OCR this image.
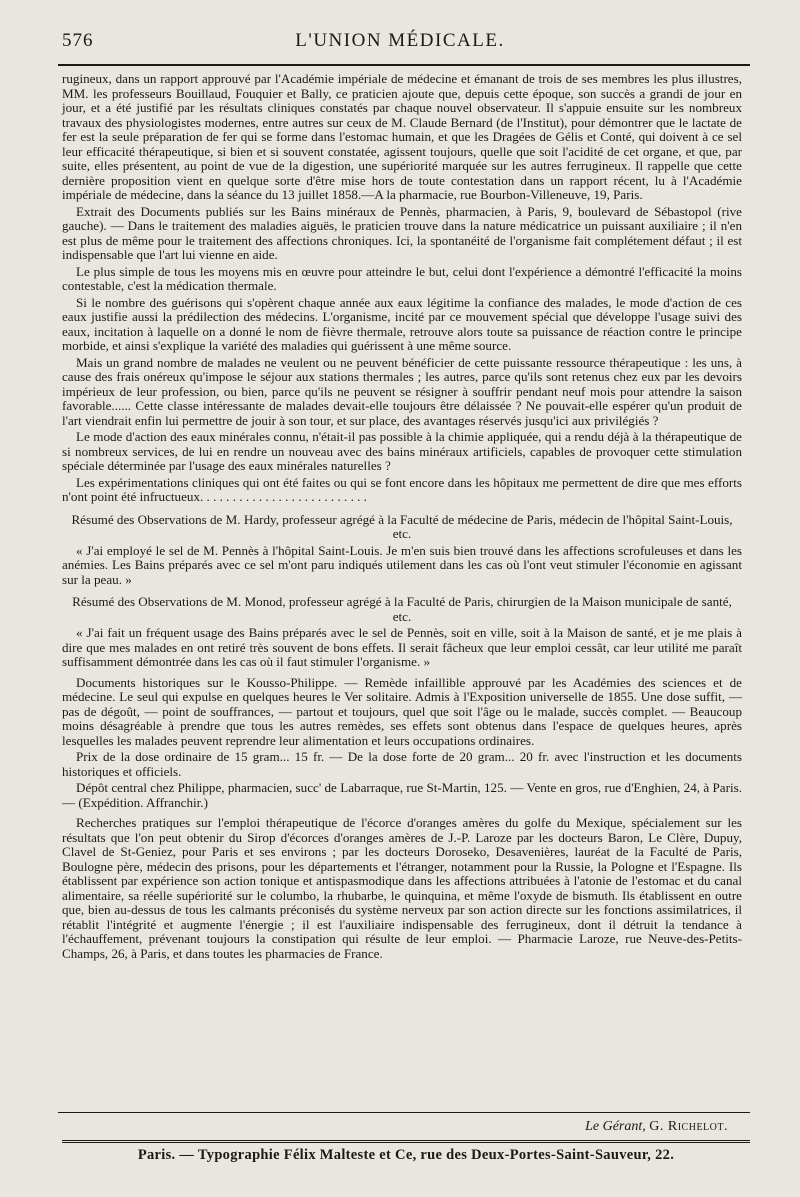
576	L'UNION MÉDICALE.

rugineux, dans un rapport approuvé par l'Académie impériale de médecine et émanant de trois de ses membres les plus illustres, MM. les professeurs Bouillaud, Fouquier et Bally, ce praticien ajoute que, depuis cette époque, son succès a grandi de jour en jour, et a été justifié par les résultats cliniques constatés par chaque nouvel observateur. Il s'appuie ensuite sur les nombreux travaux des physiologistes modernes, entre autres sur ceux de M. Claude Bernard (de l'Institut), pour démontrer que le lactate de fer est la seule préparation de fer qui se forme dans l'estomac humain, et que les Dragées de Gélis et Conté, qui doivent à ce sel leur efficacité thérapeutique, si bien et si souvent constatée, agissent toujours, quelle que soit l'acidité de cet organe, et que, par suite, elles présentent, au point de vue de la digestion, une supériorité marquée sur les autres ferrugineux. Il rappelle que cette dernière proposition vient en quelque sorte d'être mise hors de toute contestation dans un rapport récent, lu à l'Académie impériale de médecine, dans la séance du 13 juillet 1858.—A la pharmacie, rue Bourbon-Villeneuve, 19, Paris.

Extrait des Documents publiés sur les Bains minéraux de Pennès, pharmacien, à Paris, 9, boulevard de Sébastopol (rive gauche). — Dans le traitement des maladies aiguës, le praticien trouve dans la nature médicatrice un puissant auxiliaire ; il n'en est plus de même pour le traitement des affections chroniques. Ici, la spontanéité de l'organisme fait complétement défaut ; il est indispensable que l'art lui vienne en aide.

Le plus simple de tous les moyens mis en œuvre pour atteindre le but, celui dont l'expérience a démontré l'efficacité la moins contestable, c'est la médication thermale.

Si le nombre des guérisons qui s'opèrent chaque année aux eaux légitime la confiance des malades, le mode d'action de ces eaux justifie aussi la prédilection des médecins. L'organisme, incité par ce mouvement spécial que développe l'usage suivi des eaux, incitation à laquelle on a donné le nom de fièvre thermale, retrouve alors toute sa puissance de réaction contre le principe morbide, et ainsi s'explique la variété des maladies qui guérissent à une même source.

Mais un grand nombre de malades ne veulent ou ne peuvent bénéficier de cette puissante ressource thérapeutique : les uns, à cause des frais onéreux qu'impose le séjour aux stations thermales ; les autres, parce qu'ils sont retenus chez eux par les devoirs impérieux de leur profession, ou bien, parce qu'ils ne peuvent se résigner à souffrir pendant neuf mois pour attendre la saison favorable...... Cette classe intéressante de malades devait-elle toujours être délaissée ? Ne pouvait-elle espérer qu'un produit de l'art viendrait enfin lui permettre de jouir à son tour, et sur place, des avantages réservés jusqu'ici aux privilégiés ?

Le mode d'action des eaux minérales connu, n'était-il pas possible à la chimie appliquée, qui a rendu déjà à la thérapeutique de si nombreux services, de lui en rendre un nouveau avec des bains minéraux artificiels, capables de provoquer cette stimulation spéciale déterminée par l'usage des eaux minérales naturelles ?

Les expérimentations cliniques qui ont été faites ou qui se font encore dans les hôpitaux me permettent de dire que mes efforts n'ont point été infructueux. . . . . . . . . . . . . . . . . . . . . . . . . .

Résumé des Observations de M. Hardy, professeur agrégé à la Faculté de médecine de Paris, médecin de l'hôpital Saint-Louis, etc.

« J'ai employé le sel de M. Pennès à l'hôpital Saint-Louis. Je m'en suis bien trouvé dans les affections scrofuleuses et dans les anémies. Les Bains préparés avec ce sel m'ont paru indiqués utilement dans les cas où l'ont veut stimuler l'économie en agissant sur la peau. »

Résumé des Observations de M. Monod, professeur agrégé à la Faculté de Paris, chirurgien de la Maison municipale de santé, etc.

« J'ai fait un fréquent usage des Bains préparés avec le sel de Pennès, soit en ville, soit à la Maison de santé, et je me plais à dire que mes malades en ont retiré très souvent de bons effets. Il serait fâcheux que leur emploi cessât, car leur utilité me paraît suffisamment démontrée dans les cas où il faut stimuler l'organisme. »

Documents historiques sur le Kousso-Philippe. — Remède infaillible approuvé par les Académies des sciences et de médecine. Le seul qui expulse en quelques heures le Ver solitaire. Admis à l'Exposition universelle de 1855. Une dose suffit, — pas de dégoût, — point de souffrances, — partout et toujours, quel que soit l'âge ou le malade, succès complet. — Beaucoup moins désagréable à prendre que tous les autres remèdes, ses effets sont obtenus dans l'espace de quelques heures, après lesquelles les malades peuvent reprendre leur alimentation et leurs occupations ordinaires.

Prix de la dose ordinaire de 15 gram... 15 fr. — De la dose forte de 20 gram... 20 fr. avec l'instruction et les documents historiques et officiels.

Dépôt central chez Philippe, pharmacien, succ' de Labarraque, rue St-Martin, 125. — Vente en gros, rue d'Enghien, 24, à Paris. — (Expédition. Affranchir.)

Recherches pratiques sur l'emploi thérapeutique de l'écorce d'oranges amères du golfe du Mexique, spécialement sur les résultats que l'on peut obtenir du Sirop d'écorces d'oranges amères de J.-P. Laroze par les docteurs Baron, Le Clère, Dupuy, Clavel de St-Geniez, pour Paris et ses environs ; par les docteurs Doroseko, Desavenières, lauréat de la Faculté de Paris, Boulogne père, médecin des prisons, pour les départements et l'étranger, notamment pour la Russie, la Pologne et l'Espagne. Ils établissent par expérience son action tonique et antispasmodique dans les affections attribuées à l'atonie de l'estomac et du canal alimentaire, sa réelle supériorité sur le columbo, la rhubarbe, le quinquina, et même l'oxyde de bismuth. Ils établissent en outre que, bien au-dessus de tous les calmants préconisés du système nerveux par son action directe sur les fonctions assimilatrices, il rétablit l'intégrité et augmente l'énergie ; il est l'auxiliaire indispensable des ferrugineux, dont il détruit la tendance à l'échauffement, prévenant toujours la constipation qui résulte de leur emploi. — Pharmacie Laroze, rue Neuve-des-Petits-Champs, 26, à Paris, et dans toutes les pharmacies de France.

Le Gérant, G. Richelot.
Paris. — Typographie Félix Malteste et Ce, rue des Deux-Portes-Saint-Sauveur, 22.
